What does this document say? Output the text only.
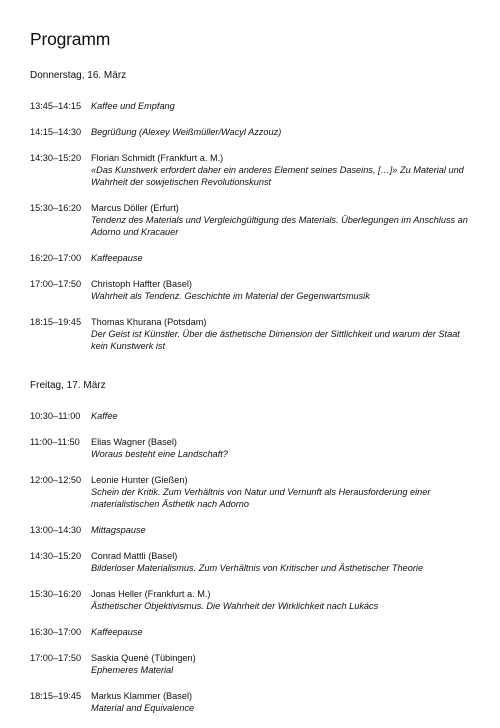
Programm
Donnerstag, 16. März
13:45–14:15	Kaffee und Empfang
14:15–14:30	Begrüßung (Alexey Weißmüller/Wacyl Azzouz)
14:30–15:20	Florian Schmidt (Frankfurt a. M.)
«Das Kunstwerk erfordert daher ein anderes Element seines Daseins, […]» Zu Material und Wahrheit der sowjetischen Revolutionskunst
15:30–16:20	Marcus Döller (Erfurt)
Tendenz des Materials und Vergleichgültigung des Materials. Überlegungen im Anschluss an Adorno und Kracauer
16:20–17:00	Kaffeepause
17:00–17:50	Christoph Haffter (Basel)
Wahrheit als Tendenz. Geschichte im Material der Gegenwartsmusik
18:15–19:45	Thomas Khurana (Potsdam)
Der Geist ist Künstler. Über die ästhetische Dimension der Sittlichkeit und warum der Staat kein Kunstwerk ist
Freitag, 17. März
10:30–11:00	Kaffee
11:00–11:50	Elias Wagner (Basel)
Woraus besteht eine Landschaft?
12:00–12:50	Leonie Hunter (Gießen)
Schein der Kritik. Zum Verhältnis von Natur und Vernunft als Herausforderung einer materialistischen Ästhetik nach Adorno
13:00–14:30	Mittagspause
14:30–15:20	Conrad Mattli (Basel)
Bilderloser Materialismus. Zum Verhältnis von Kritischer und Ästhetischer Theorie
15:30–16:20	Jonas Heller (Frankfurt a. M.)
Ästhetischer Objektivismus. Die Wahrheit der Wirklichkeit nach Lukács
16:30–17:00	Kaffeepause
17:00–17:50	Saskia Quené (Tübingen)
Ephemeres Material
18:15–19:45	Markus Klammer (Basel)
Material and Equivalence
